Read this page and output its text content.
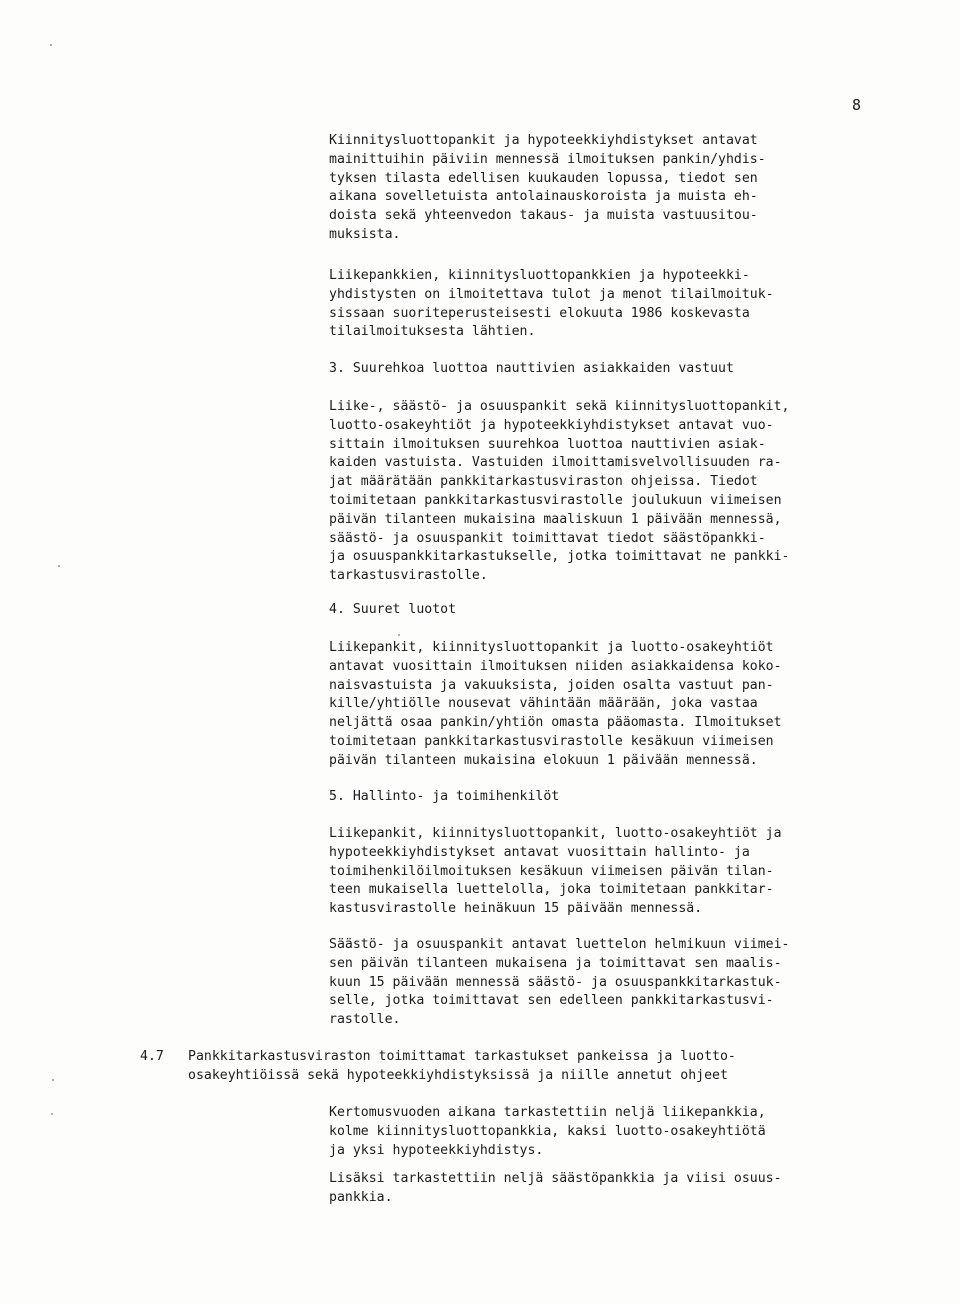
8

Kiinnitysluottopankit ja hypoteekkiyhdistykset antavat
mainittuihin päiviin mennessä ilmoituksen pankin/yhdis-
tyksen tilasta edellisen kuukauden lopussa, tiedot sen
aikana sovelletuista antolainauskoroista ja muista eh-
doista sekä yhteenvedon takaus- ja muista vastuusitou-
muksista.

Liikepankkien, kiinnitysluottopankkien ja hypoteekki-
yhdistysten on ilmoitettava tulot ja menot tilailmoituk-
sissaan suoriteperusteisesti elokuuta 1986 koskevasta
tilailmoituksesta lähtien.

3. Suurehkoa luottoa nauttivien asiakkaiden vastuut

Liike-, säästö- ja osuuspankit sekä kiinnitysluottopankit,
luotto-osakeyhtiöt ja hypoteekkiyhdistykset antavat vuo-
sittain ilmoituksen suurehkoa luottoa nauttivien asiak-
kaiden vastuista. Vastuiden ilmoittamisvelvollisuuden ra-
jat määrätään pankkitarkastusviraston ohjeissa. Tiedot
toimitetaan pankkitarkastusvirastolle joulukuun viimeisen
päivän tilanteen mukaisina maaliskuun 1 päivään mennessä,
säästö- ja osuuspankit toimittavat tiedot säästöpankki-
ja osuuspankkitarkastukselle, jotka toimittavat ne pankki-
tarkastusvirastolle.

4. Suuret luotot

Liikepankit, kiinnitysluottopankit ja luotto-osakeyhtiöt
antavat vuosittain ilmoituksen niiden asiakkaidensa koko-
naisvastuista ja vakuuksista, joiden osalta vastuut pan-
kille/yhtiölle nousevat vähintään määrään, joka vastaa
neljättä osaa pankin/yhtiön omasta pääomasta. Ilmoitukset
toimitetaan pankkitarkastusvirastolle kesäkuun viimeisen
päivän tilanteen mukaisina elokuun 1 päivään mennessä.

5. Hallinto- ja toimihenkilöt

Liikepankit, kiinnitysluottopankit, luotto-osakeyhtiöt ja
hypoteekkiyhdistykset antavat vuosittain hallinto- ja
toimihenkilöilmoituksen kesäkuun viimeisen päivän tilan-
teen mukaisella luettelolla, joka toimitetaan pankkitar-
kastusvirastolle heinäkuun 15 päivään mennessä.

Säästö- ja osuuspankit antavat luettelon helmikuun viimei-
sen päivän tilanteen mukaisena ja toimittavat sen maalis-
kuun 15 päivään mennessä säästö- ja osuuspankkitarkastuk-
selle, jotka toimittavat sen edelleen pankkitarkastusvi-
rastolle.

4.7 Pankkitarkastusviraston toimittamat tarkastukset pankeissa ja luotto-
osakeyhtiöissä sekä hypoteekkiyhdistyksissä ja niille annetut ohjeet

Kertomusvuoden aikana tarkastettiin neljä liikepankkia,
kolme kiinnitysluottopankkia, kaksi luotto-osakeyhtiötä
ja yksi hypoteekkiyhdistys.

Lisäksi tarkastettiin neljä säästöpankkia ja viisi osuus-
pankkia.
